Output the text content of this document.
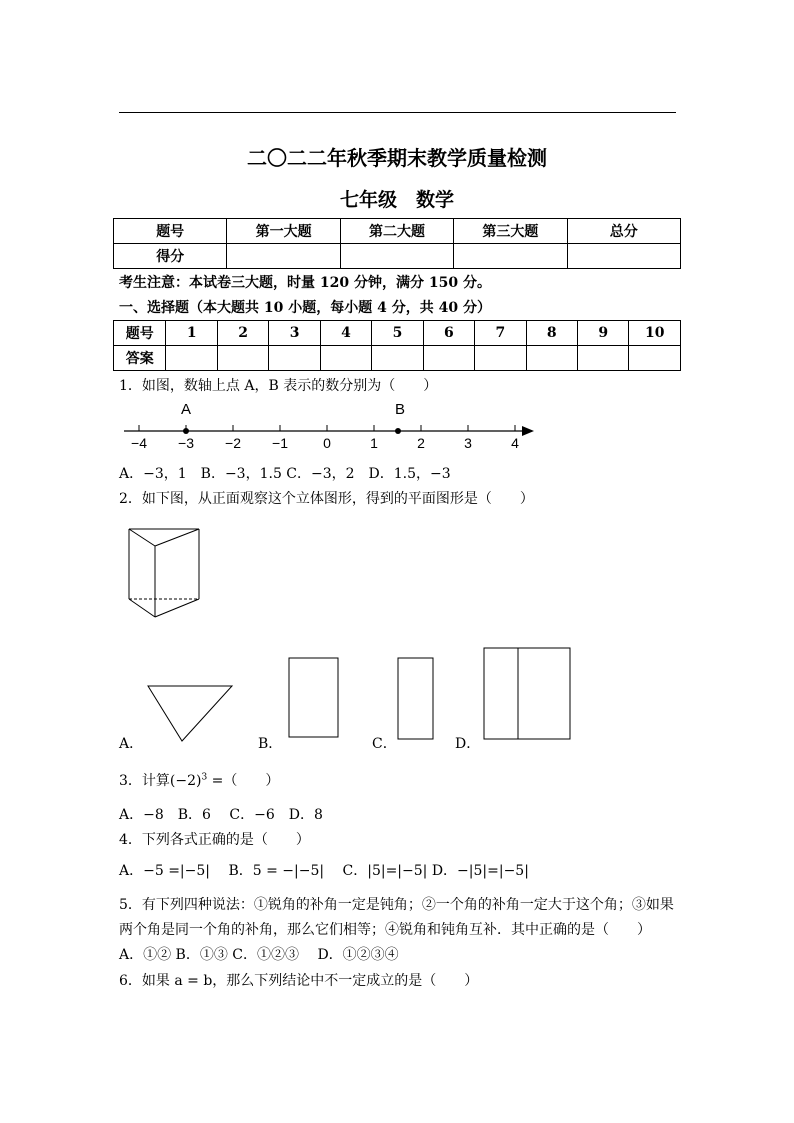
二〇二二年秋季期末教学质量检测
七年级　数学
题号	第一大题	第二大题	第三大题	总分
得分				
考生注意：本试卷三大题，时量 120 分钟，满分 150 分。
一、选择题（本大题共 10 小题，每小题 4 分，共 40 分）
题号	1	2	3	4	5	6	7	8	9	10
答案										
1．如图，数轴上点 A，B 表示的数分别为（　　）
A	B
−4 −3 −2 −1	0	1	2	3	4
A．−3，1　B．−3，1.5 C．−3，2　D．1.5，−3
2．如下图，从正面观察这个立体图形，得到的平面图形是（　　）
A．	B．	C．	D．
3．计算$(-2)^3$ =（　　）
A．−8　B．6　 C．−6　D．8
4．下列各式正确的是（　　）
A．−5 =|−5|　 B．5 = −|−5|　 C．|5|=|−5| D．−|5|=|−5|
5．有下列四种说法：①锐角的补角一定是钝角；②一个角的补角一定大于这个角；③如果
两个角是同一个角的补角，那么它们相等；④锐角和钝角互补．其中正确的是（　　）
A．①② B．①③ C．①②③　 D．①②③④
6．如果 a = b，那么下列结论中不一定成立的是（　　）
